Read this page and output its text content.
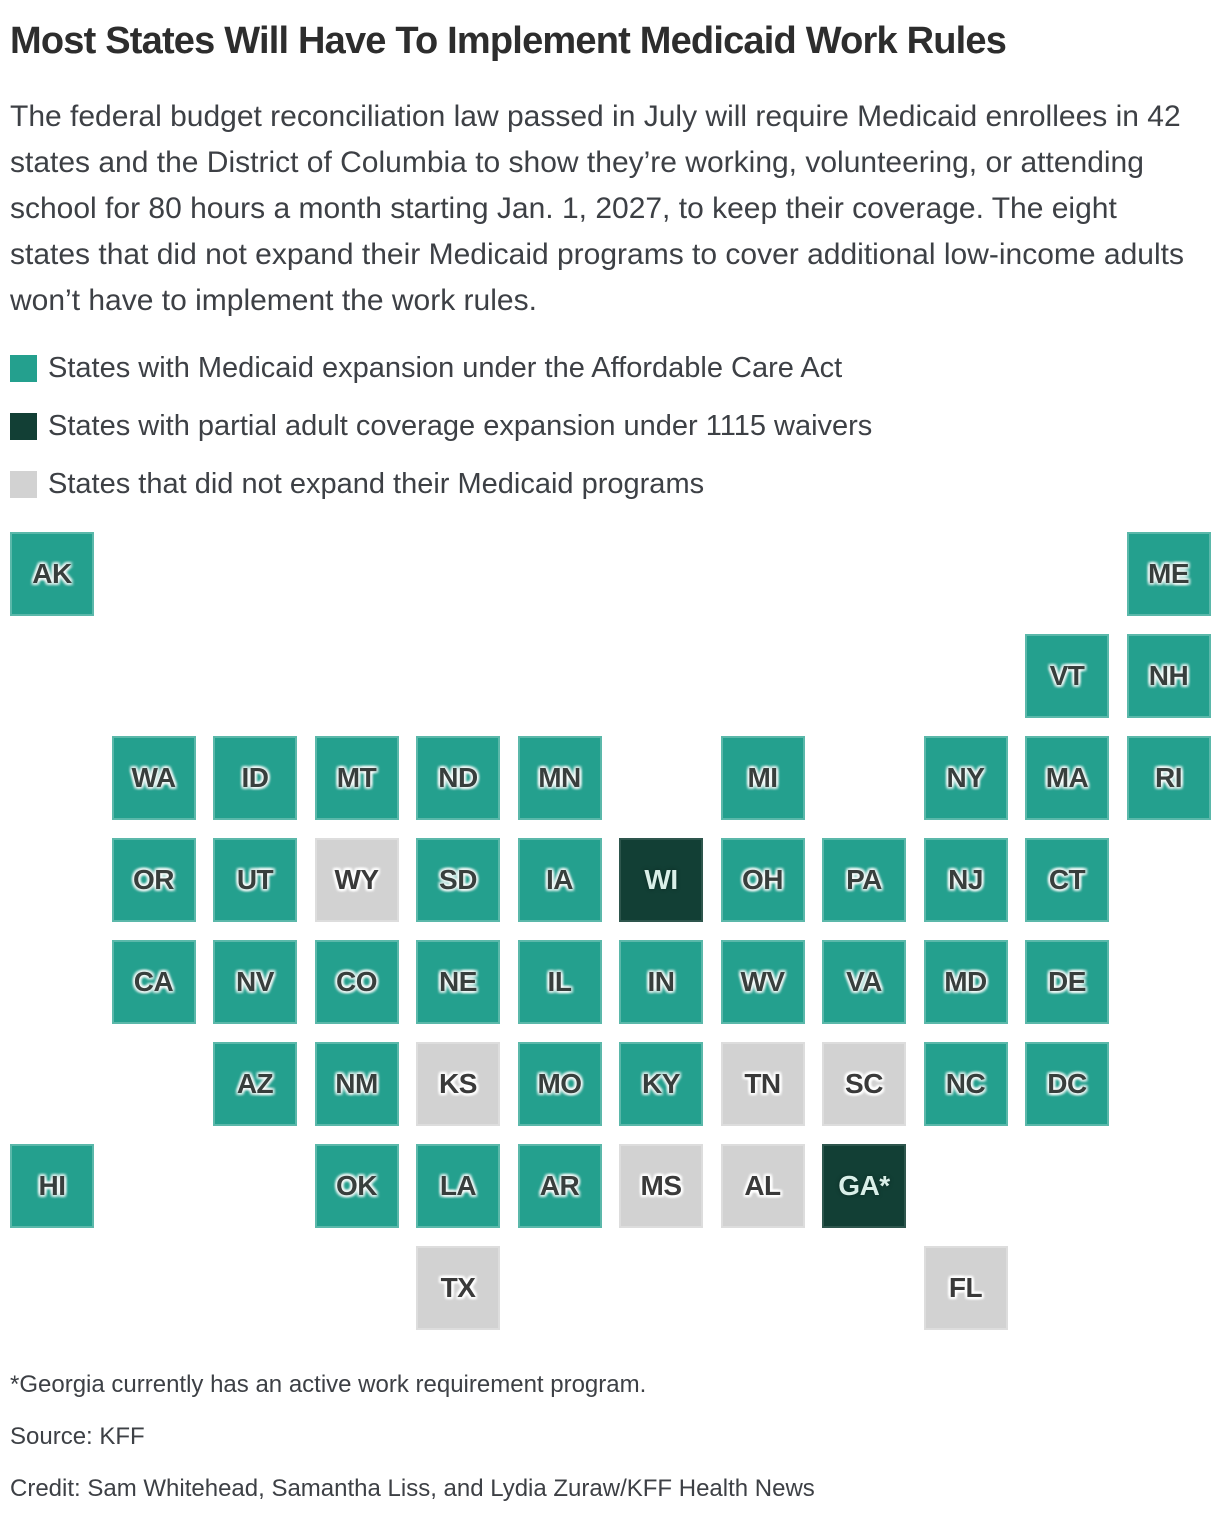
Most States Will Have To Implement Medicaid Work Rules

The federal budget reconciliation law passed in July will require Medicaid enrollees in 42 states and the District of Columbia to show they’re working, volunteering, or attending school for 80 hours a month starting Jan. 1, 2027, to keep their coverage. The eight states that did not expand their Medicaid programs to cover additional low-income adults won’t have to implement the work rules.

States with Medicaid expansion under the Affordable Care Act
States with partial adult coverage expansion under 1115 waivers
States that did not expand their Medicaid programs
AK	ME
VT	NH
WA	ID	MT	ND	MN	MI	NY	MA	RI
OR	UT	WY	SD	IA	WI	OH	PA	NJ	CT
CA	NV	CO	NE	IL	IN	WV	VA	MD	DE
AZ	NM	KS	MO	KY	TN	SC	NC	DC
HI	OK	LA	AR	MS	AL	GA*
TX	FL

*Georgia currently has an active work requirement program.

Source: KFF

Credit: Sam Whitehead, Samantha Liss, and Lydia Zuraw/KFF Health News
